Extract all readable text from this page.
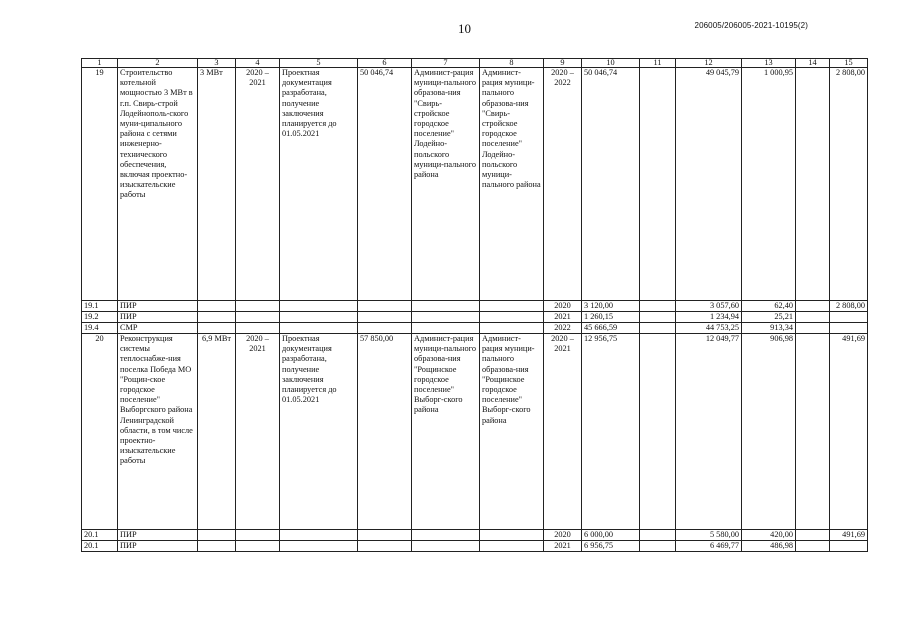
10	206005/206005-2021-10195(2)
1	2	3	4	5	6	7	8	9	10	11	12	13	14	15
19	Строительство котельной мощностью 3 МВт в г.п. Свирь-строй Лодейнополь-ского муни-ципального района с сетями инженерно-технического обеспечения, включая проектно-изыскательские работы	3 МВт	2020 – 2021	Проектная документация разработана, получение заключения планируется до 01.05.2021	50 046,74	Админист-рация муници-пального образова-ния "Свирь-стройское городское поселение" Лодейно-польского муници-пального района	Админист-рация муници-пального образова-ния "Свирь-стройское городское поселение" Лодейно-польского муници-пального района	2020 – 2022	50 046,74		49 045,79	1 000,95		2 808,00
19.1	ПИР							2020	3 120,00		3 057,60	62,40		2 808,00
19.2	ПИР							2021	1 260,15		1 234,94	25,21		
19.4	СМР							2022	45 666,59		44 753,25	913,34		
20	Реконструкция системы теплоснабже-ния поселка Победа МО "Рощин-ское городское поселение" Выборгского района Ленинградской области, в том числе проектно-изыскательские работы	6,9 МВт	2020 – 2021	Проектная документация разработана, получение заключения планируется до 01.05.2021	57 850,00	Админист-рация муници-пального образова-ния "Рощинское городское поселение" Выборг-ского района	Админист-рация муници-пального образова-ния "Рощинское городское поселение" Выборг-ского района	2020 – 2021	12 956,75		12 049,77	906,98		491,69
20.1	ПИР							2020	6 000,00		5 580,00	420,00		491,69
20.1	ПИР							2021	6 956,75		6 469,77	486,98		
